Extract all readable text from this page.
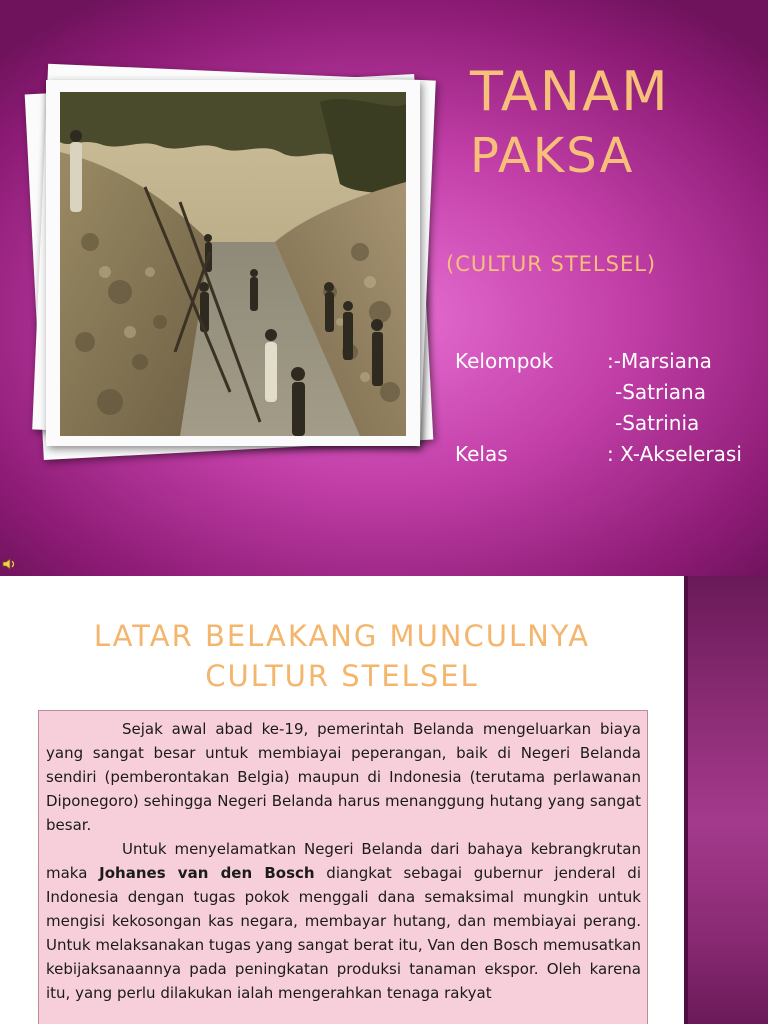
TANAM
PAKSA
(CULTUR STELSEL)
Kelompok	:-Marsiana
-Satriana
-Satrinia
Kelas	: X-Akselerasi
LATAR BELAKANG MUNCULNYA
CULTUR STELSEL

Sejak awal abad ke-19, pemerintah Belanda mengeluarkan biaya yang sangat besar untuk membiayai peperangan, baik di Negeri Belanda sendiri (pemberontakan Belgia) maupun di Indonesia (terutama perlawanan Diponegoro) sehingga Negeri Belanda harus menanggung hutang yang sangat besar.

Untuk menyelamatkan Negeri Belanda dari bahaya kebrangkrutan maka Johanes van den Bosch diangkat sebagai gubernur jenderal di Indonesia dengan tugas pokok menggali dana semaksimal mungkin untuk mengisi kekosongan kas negara, membayar hutang, dan membiayai perang. Untuk melaksanakan tugas yang sangat berat itu, Van den Bosch memusatkan kebijaksanaannya pada peningkatan produksi tanaman ekspor. Oleh karena itu, yang perlu dilakukan ialah mengerahkan tenaga rakyat
